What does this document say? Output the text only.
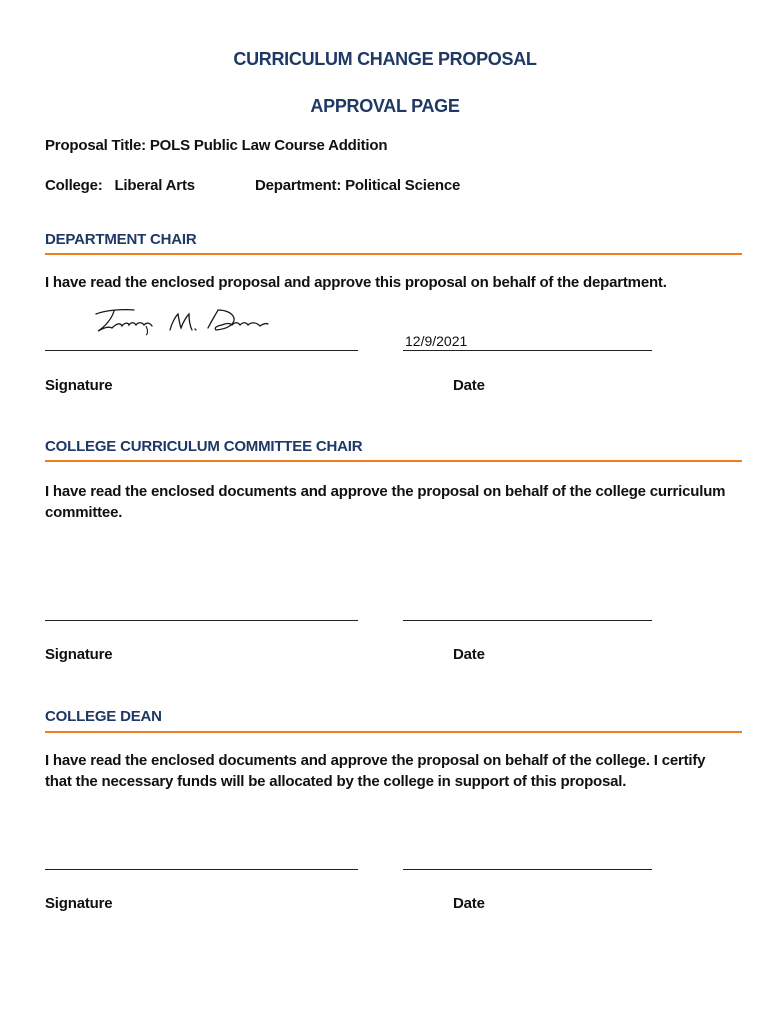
CURRICULUM CHANGE PROPOSAL
APPROVAL PAGE
Proposal Title: POLS Public Law Course Addition
College:   Liberal Arts	Department: Political Science
DEPARTMENT CHAIR
I have read the enclosed proposal and approve this proposal on behalf of the department.
12/9/2021
Signature	Date
COLLEGE CURRICULUM COMMITTEE CHAIR
I have read the enclosed documents and approve the proposal on behalf of the college curriculum committee.
Signature	Date
COLLEGE DEAN
I have read the enclosed documents and approve the proposal on behalf of the college. I certify that the necessary funds will be allocated by the college in support of this proposal.
Signature	Date
